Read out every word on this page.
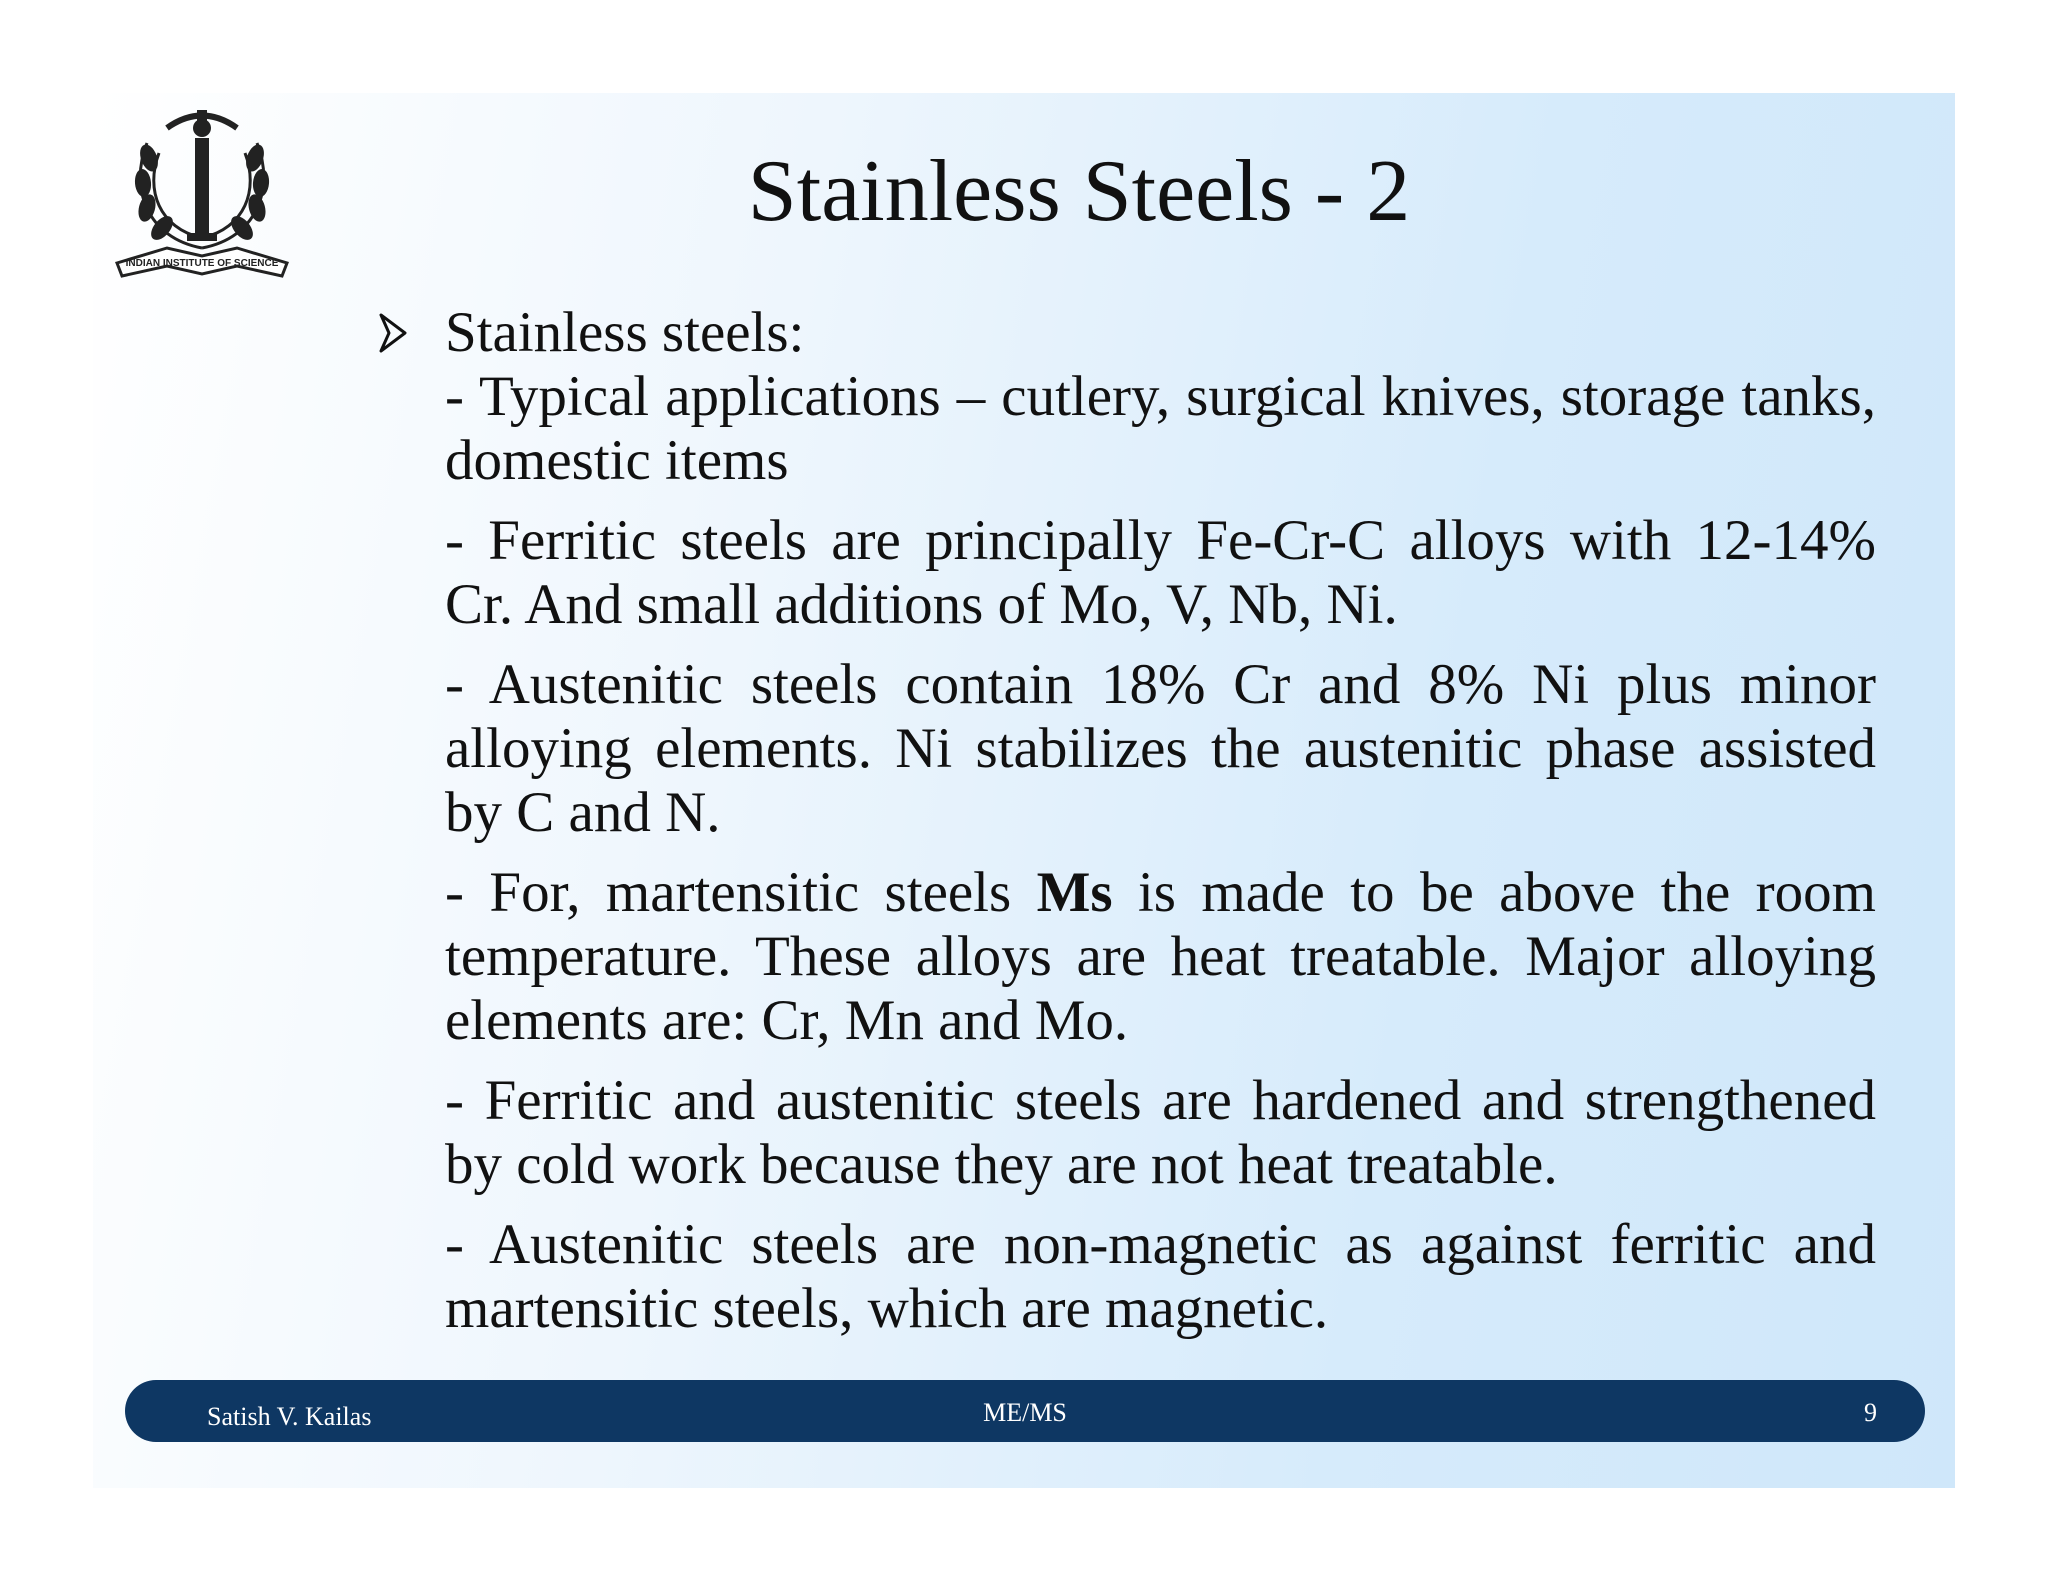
INDIAN INSTITUTE OF SCIENCE
Stainless Steels - 2
Stainless steels:

- Typical applications – cutlery, surgical knives, storage tanks, domestic items

- Ferritic steels are principally Fe-Cr-C alloys with 12-14% Cr. And small additions of Mo, V, Nb, Ni.

- Austenitic steels contain 18% Cr and 8% Ni plus minor alloying elements. Ni stabilizes the austenitic phase assisted by C and N.

- For, martensitic steels Ms is made to be above the room temperature. These alloys are heat treatable. Major alloying elements are: Cr, Mn and Mo.

- Ferritic and austenitic steels are hardened and strengthened by cold work because they are not heat treatable.

- Austenitic steels are non-magnetic as against ferritic and martensitic steels, which are magnetic.

Satish V. Kailas	ME/MS	9
